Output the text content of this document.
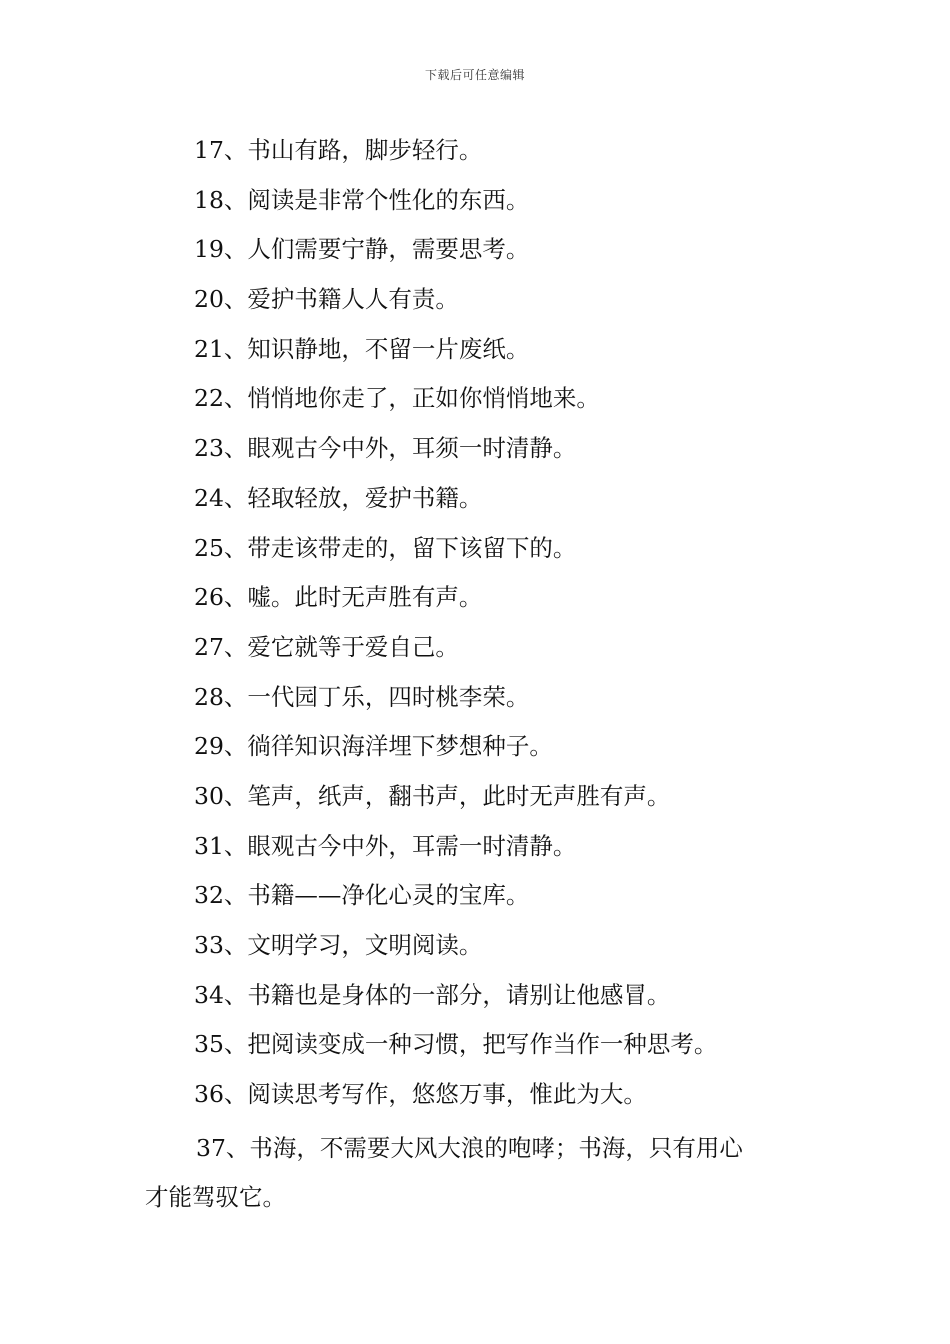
下载后可任意编辑
17、书山有路，脚步轻行。
18、阅读是非常个性化的东西。
19、人们需要宁静，需要思考。
20、爱护书籍人人有责。
21、知识静地，不留一片废纸。
22、悄悄地你走了，正如你悄悄地来。
23、眼观古今中外，耳须一时清静。
24、轻取轻放，爱护书籍。
25、带走该带走的，留下该留下的。
26、嘘。此时无声胜有声。
27、爱它就等于爱自己。
28、一代园丁乐，四时桃李荣。
29、徜徉知识海洋埋下梦想种子。
30、笔声，纸声，翻书声，此时无声胜有声。
31、眼观古今中外，耳需一时清静。
32、书籍——净化心灵的宝库。
33、文明学习，文明阅读。
34、书籍也是身体的一部分，请别让他感冒。
35、把阅读变成一种习惯，把写作当作一种思考。
36、阅读思考写作，悠悠万事，惟此为大。
37、书海，不需要大风大浪的咆哮；书海，只有用心
才能驾驭它。
